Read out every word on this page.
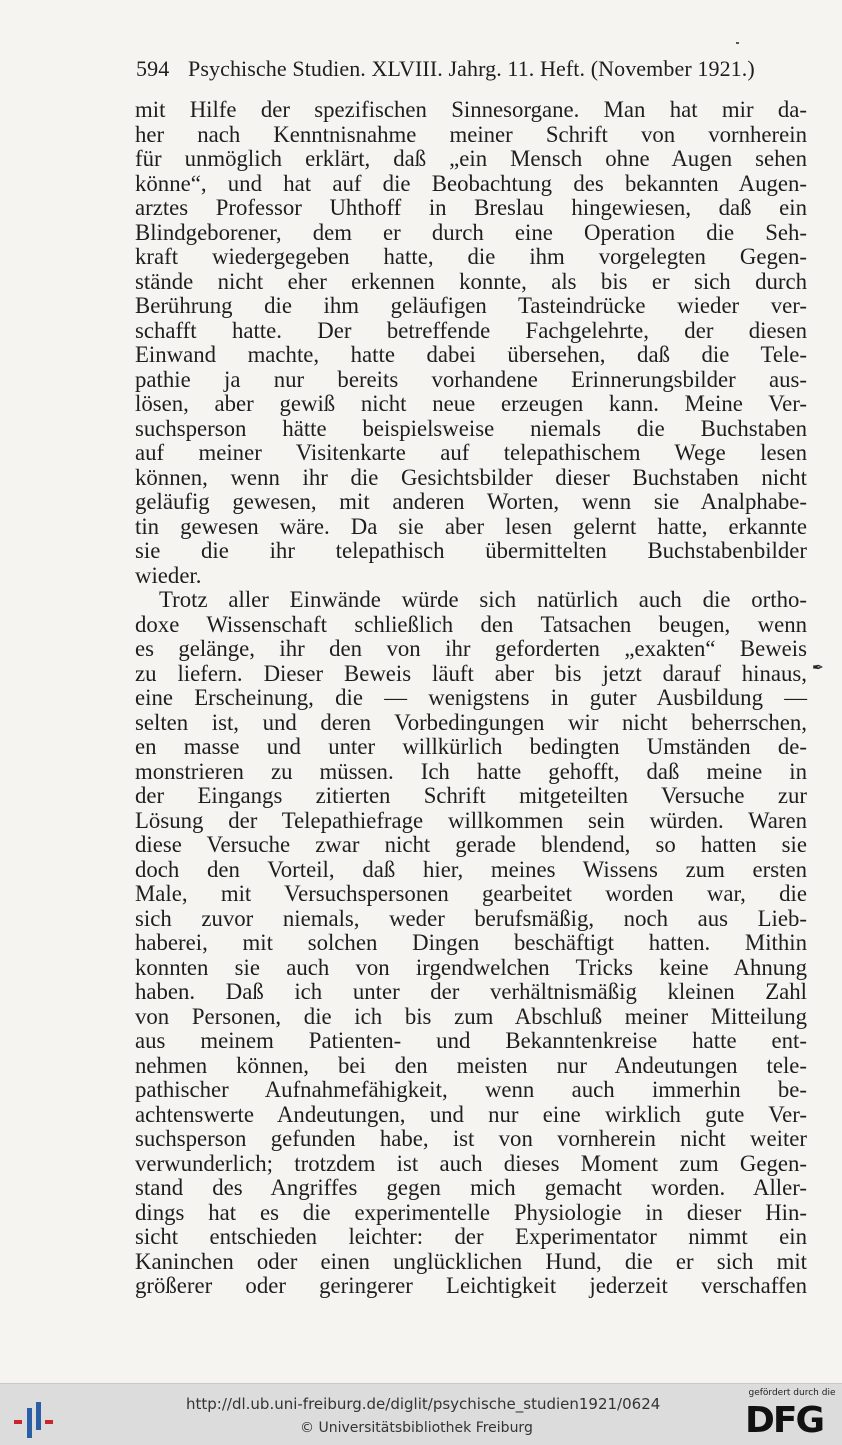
594 Psychische Studien. XLVIII. Jahrg. 11. Heft. (November 1921.)
mit Hilfe der spezifischen Sinnesorgane. Man hat mir da-
her nach Kenntnisnahme meiner Schrift von vornherein
für unmöglich erklärt, daß „ein Mensch ohne Augen sehen
könne“, und hat auf die Beobachtung des bekannten Augen-
arztes Professor Uhthoff in Breslau hingewiesen, daß ein
Blindgeborener, dem er durch eine Operation die Seh-
kraft wiedergegeben hatte, die ihm vorgelegten Gegen-
stände nicht eher erkennen konnte, als bis er sich durch
Berührung die ihm geläufigen Tasteindrücke wieder ver-
schafft hatte. Der betreffende Fachgelehrte, der diesen
Einwand machte, hatte dabei übersehen, daß die Tele-
pathie ja nur bereits vorhandene Erinnerungsbilder aus-
lösen, aber gewiß nicht neue erzeugen kann. Meine Ver-
suchsperson hätte beispielsweise niemals die Buchstaben
auf meiner Visitenkarte auf telepathischem Wege lesen
können, wenn ihr die Gesichtsbilder dieser Buchstaben nicht
geläufig gewesen, mit anderen Worten, wenn sie Analphabe-
tin gewesen wäre. Da sie aber lesen gelernt hatte, erkannte
sie die ihr telepathisch übermittelten Buchstabenbilder
wieder.
Trotz aller Einwände würde sich natürlich auch die ortho-
doxe Wissenschaft schließlich den Tatsachen beugen, wenn
es gelänge, ihr den von ihr geforderten „exakten“ Beweis
zu liefern. Dieser Beweis läuft aber bis jetzt darauf hinaus,
eine Erscheinung, die — wenigstens in guter Ausbildung —
selten ist, und deren Vorbedingungen wir nicht beherrschen,
en masse und unter willkürlich bedingten Umständen de-
monstrieren zu müssen. Ich hatte gehofft, daß meine in
der Eingangs zitierten Schrift mitgeteilten Versuche zur
Lösung der Telepathiefrage willkommen sein würden. Waren
diese Versuche zwar nicht gerade blendend, so hatten sie
doch den Vorteil, daß hier, meines Wissens zum ersten
Male, mit Versuchspersonen gearbeitet worden war, die
sich zuvor niemals, weder berufsmäßig, noch aus Lieb-
haberei, mit solchen Dingen beschäftigt hatten. Mithin
konnten sie auch von irgendwelchen Tricks keine Ahnung
haben. Daß ich unter der verhältnismäßig kleinen Zahl
von Personen, die ich bis zum Abschluß meiner Mitteilung
aus meinem Patienten- und Bekanntenkreise hatte ent-
nehmen können, bei den meisten nur Andeutungen tele-
pathischer Aufnahmefähigkeit, wenn auch immerhin be-
achtenswerte Andeutungen, und nur eine wirklich gute Ver-
suchsperson gefunden habe, ist von vornherein nicht weiter
verwunderlich; trotzdem ist auch dieses Moment zum Gegen-
stand des Angriffes gegen mich gemacht worden. Aller-
dings hat es die experimentelle Physiologie in dieser Hin-
sicht entschieden leichter: der Experimentator nimmt ein
Kaninchen oder einen unglücklichen Hund, die er sich mit
größerer oder geringerer Leichtigkeit jederzeit verschaffen
✒
http://dl.ub.uni-freiburg.de/diglit/psychische_studien1921/0624
© Universitätsbibliothek Freiburg
gefördert durch die
DFG
